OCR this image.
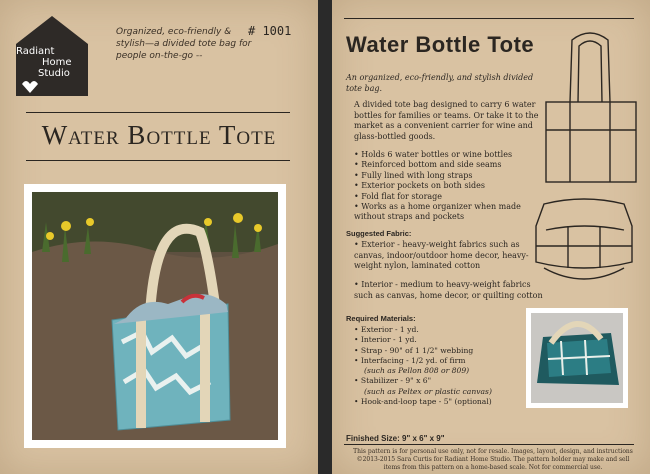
Radiant
Home
Studio
Organized, eco-friendly & stylish—a divided tote bag for people on-the-go --
# 1001
Water Bottle Tote
Water Bottle Tote
An organized, eco-friendly, and stylish divided tote bag.
A divided tote bag designed to carry 6 water bottles for families or teams. Or take it to the market as a convenient carrier for wine and glass-bottled goods.
• Holds 6 water bottles or wine bottles
• Reinforced bottom and side seams
• Fully lined with long straps
• Exterior pockets on both sides
• Fold flat for storage
• Works as a home organizer when made without straps and pockets
Suggested Fabric:
• Exterior - heavy-weight fabrics such as canvas, indoor/outdoor home decor, heavy-weight nylon, laminated cotton
• Interior - medium to heavy-weight fabrics such as canvas, home decor, or quilting cotton
Required Materials:
• Exterior - 1 yd.
• Interior - 1 yd.
• Strap - 90" of 1 1/2" webbing
• Interfacing - 1/2 yd. of firm
(such as Pellon 808 or 809)
• Stabilizer - 9" x 6"
(such as Peltex or plastic canvas)
• Hook-and-loop tape - 5" (optional)
Finished Size: 9" x 6" x 9"
This pattern is for personal use only, not for resale. Images, layout, design, and instructions ©2013-2015 Sara Curtis for Radiant Home Studio. The pattern holder may make and sell items from this pattern on a home-based scale. Not for commercial use.
